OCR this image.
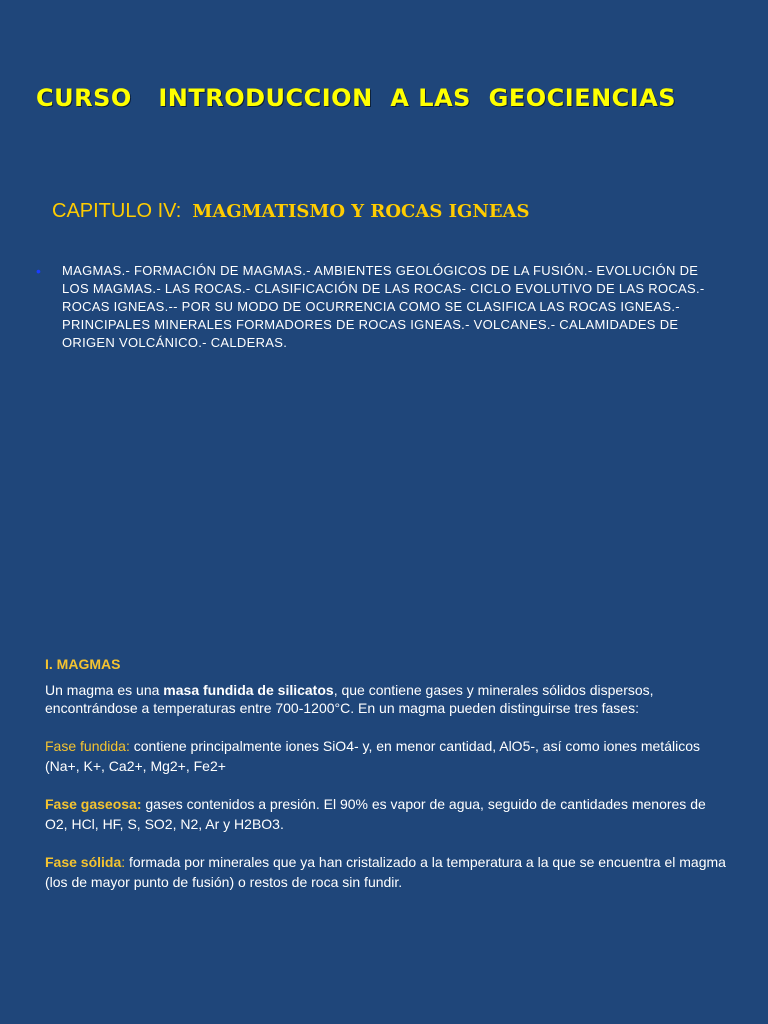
CURSO   INTRODUCCION  A LAS  GEOCIENCIAS
CAPITULO IV: MAGMATISMO Y ROCAS IGNEAS
•	MAGMAS.- FORMACIÓN DE MAGMAS.- AMBIENTES GEOLÓGICOS DE LA FUSIÓN.- EVOLUCIÓN DE LOS MAGMAS.- LAS ROCAS.- CLASIFICACIÓN DE LAS ROCAS- CICLO EVOLUTIVO DE LAS ROCAS.- ROCAS IGNEAS.-- POR SU MODO DE OCURRENCIA COMO SE CLASIFICA LAS ROCAS IGNEAS.- PRINCIPALES MINERALES FORMADORES DE ROCAS IGNEAS.- VOLCANES.- CALAMIDADES DE ORIGEN VOLCÁNICO.- CALDERAS.
I. MAGMAS

Un magma es una masa fundida de silicatos, que contiene gases y minerales sólidos dispersos, encontrándose a temperaturas entre 700-1200°C. En un magma pueden distinguirse tres fases:

Fase fundida: contiene principalmente iones SiO4- y, en menor cantidad, AlO5-, así como iones metálicos
(Na+, K+, Ca2+, Mg2+, Fe2+

Fase gaseosa: gases contenidos a presión. El 90% es vapor de agua, seguido de cantidades menores de
O2, HCl, HF, S, SO2, N2, Ar y H2BO3.

Fase sólida: formada por minerales que ya han cristalizado a la temperatura a la que se encuentra el magma
(los de mayor punto de fusión) o restos de roca sin fundir.
